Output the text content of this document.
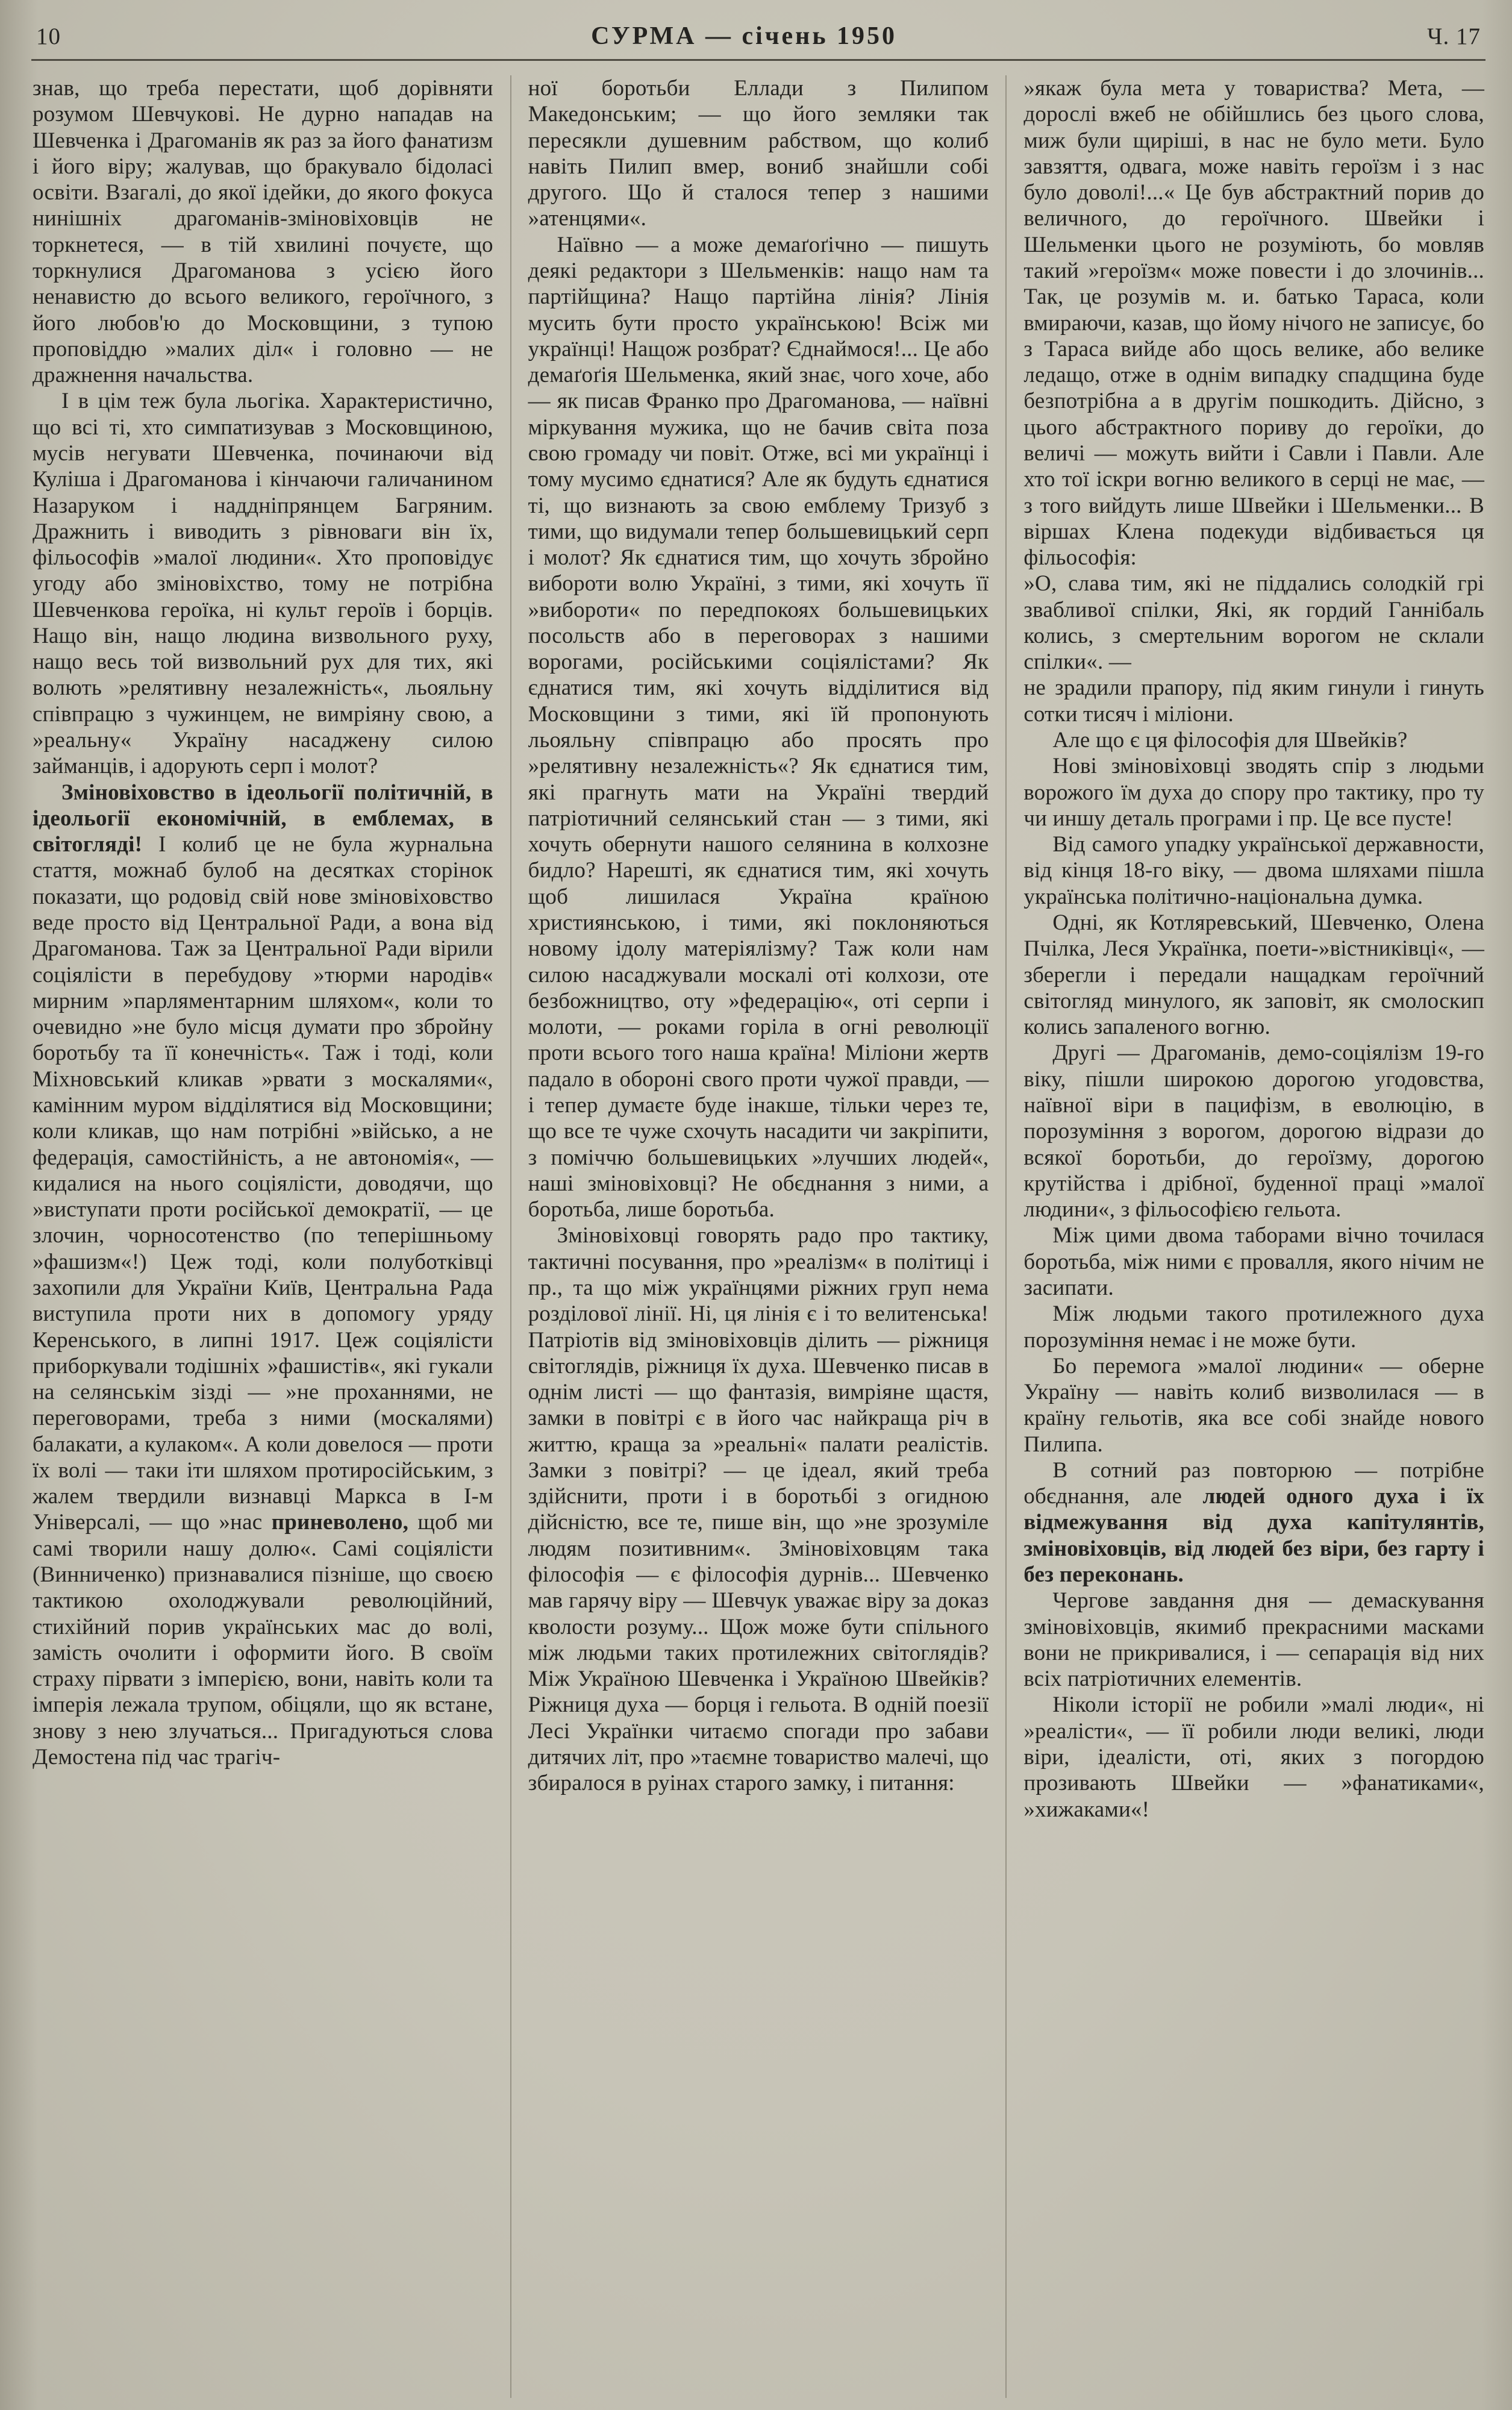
10	СУРМА — січень 1950	Ч. 17

знав, що треба перестати, щоб дорівняти розумом Шевчукові. Не дурно нападав на Шевченка і Драгоманів як раз за його фанатизм і його віру; жалував, що бракувало бідоласі освіти. Взагалі, до якої ідейки, до якого фокуса нинішніх драгоманів-зміновіховців не торкнетеся, — в тій хвилині почуєте, що торкнулися Драгоманова з усією його ненавистю до всього великого, героїчного, з його любов'ю до Московщини, з тупою проповіддю »малих діл« і головно — не дражнення начальства.

І в цім теж була льогіка. Характеристично, що всі ті, хто симпатизував з Московщиною, мусів негувати Шевченка, починаючи від Куліша і Драгоманова і кінчаючи галичанином Назаруком і наддніпрянцем Багряним. Дражнить і виводить з рівноваги він їх, фільософів »малої людини«. Хто проповідує угоду або зміновіхство, тому не потрібна Шевченкова героїка, ні культ героїв і борців. Нащо він, нащо людина визвольного руху, нащо весь той визвольний рух для тих, які волють »релятивну незалежність«, льояльну співпрацю з чужинцем, не вимріяну свою, а »реальну« Україну насаджену силою займанців, і адорують серп і молот?

Зміновіховство в ідеольогії політичній, в ідеольогії економічній, в емблемах, в світогляді! І колиб це не була журнальна стаття, можнаб булоб на десятках сторінок показати, що родовід свій нове зміновіховство веде просто від Центральної Ради, а вона від Драгоманова. Таж за Центральної Ради вірили соціялісти в перебудову »тюрми народів« мирним »парляментарним шляхом«, коли то очевидно »не було місця думати про збройну боротьбу та її конечність«. Таж і тоді, коли Міхновський кликав »рвати з москалями«, камінним муром відділятися від Московщини; коли кликав, що нам потрібні »військо, а не федерація, самостійність, а не автономія«, — кидалися на нього соціялісти, доводячи, що »виступати проти російської демократії, — це злочин, чорносотенство (по теперішньому »фашизм«!) Цеж тоді, коли полуботківці захопили для України Київ, Центральна Рада виступила проти них в допомогу уряду Керенського, в липні 1917. Цеж соціялісти приборкували тодішніх »фашистів«, які гукали на селянськім зізді — »не проханнями, не переговорами, треба з ними (москалями) балакати, а кулаком«. А коли довелося — проти їх волі — таки іти шляхом протиросійським, з жалем твердили визнавці Маркса в І-м Універсалі, — що »нас приневолено, щоб ми самі творили нашу долю«. Самі соціялісти (Винниченко) признавалися пізніше, що своєю тактикою охолоджували революційний, стихійний порив українських мас до волі, замість очолити і оформити його. В своїм страху пірвати з імперією, вони, навіть коли та імперія лежала трупом, обіцяли, що як встане, знову з нею злучаться... Пригадуються слова Демостена під час трагіч-

ної боротьби Еллади з Пилипом Македонським; — що його земляки так пересякли душевним рабством, що колиб навіть Пилип вмер, вониб знайшли собі другого. Що й сталося тепер з нашими »атенцями«.

Наївно — а може демаґоґічно — пишуть деякі редактори з Шельменків: нащо нам та партійщина? Нащо партійна лінія? Лінія мусить бути просто українською! Всіж ми українці! Нащож розбрат? Єднаймося!... Це або демаґоґія Шельменка, який знає, чого хоче, або — як писав Франко про Драгоманова, — наївні міркування мужика, що не бачив світа поза свою громаду чи повіт. Отже, всі ми українці і тому мусимо єднатися? Але як будуть єднатися ті, що визнають за свою емблему Тризуб з тими, що видумали тепер большевицький серп і молот? Як єднатися тим, що хочуть збройно вибороти волю Україні, з тими, які хочуть її »вибороти« по передпокоях большевицьких посольств або в переговорах з нашими ворогами, російськими соціялістами? Як єднатися тим, які хочуть відділитися від Московщини з тими, які їй пропонують льояльну співпрацю або просять про »релятивну незалежність«? Як єднатися тим, які прагнуть мати на Україні твердий патріотичний селянський стан — з тими, які хочуть обернути нашого селянина в колхозне бидло? Нарешті, як єднатися тим, які хочуть щоб лишилася Україна країною християнською, і тими, які поклоняються новому ідолу матеріялізму? Таж коли нам силою насаджували москалі оті колхози, оте безбожництво, оту »федерацію«, оті серпи і молоти, — роками горіла в огні революції проти всього того наша країна! Міліони жертв падало в обороні свого проти чужої правди, — і тепер думаєте буде інакше, тільки через те, що все те чуже схочуть насадити чи закріпити, з поміччю большевицьких »лучших людей«, наші зміновіховці? Не обєднання з ними, а боротьба, лише боротьба.

Зміновіховці говорять радо про тактику, тактичні посування, про »реалізм« в політиці і пр., та що між українцями ріжних груп нема розділової лінії. Ні, ця лінія є і то велитенська! Патріотів від зміновіховців ділить — ріжниця світоглядів, ріжниця їх духа. Шевченко писав в однім листі — що фантазія, вимріяне щастя, замки в повітрі є в його час найкраща річ в життю, краща за »реальні« палати реалістів. Замки з повітрі? — це ідеал, який треба здійснити, проти і в боротьбі з огидною дійсністю, все те, пише він, що »не зрозуміле людям позитивним«. Зміновіховцям така філософія — є філософія дурнів... Шевченко мав гарячу віру — Шевчук уважає віру за доказ кволости розуму... Щож може бути спільного між людьми таких протилежних світоглядів? Між Україною Шевченка і Україною Швейків? Ріжниця духа — борця і гельота. В одній поезії Лесі Українки читаємо спогади про забави дитячих літ, про »таємне товариство малечі, що збиралося в руінах старого замку, і питання:

»якаж була мета у товариства? Мета, — дорослі вжеб не обійшлись без цього слова, миж були щиріші, в нас не було мети. Було завзяття, одвага, може навіть героїзм і з нас було доволі!...« Це був абстрактний порив до величного, до героїчного. Швейки і Шельменки цього не розуміють, бо мовляв такий »героїзм« може повести і до злочинів... Так, це розумів м. и. батько Тараса, коли вмираючи, казав, що йому нічого не записує, бо з Тараса вийде або щось велике, або велике ледащо, отже в однім випадку спадщина буде безпотрібна а в другім пошкодить. Дійсно, з цього абстрактного пориву до героїки, до величі — можуть вийти і Савли і Павли. Але хто тої іскри вогню великого в серці не має, — з того вийдуть лише Швейки і Шельменки... В віршах Клена подекуди відбивається ця фільософія:

»О, слава тим, які не піддались солодкій грі звабливої спілки, Які, як гордий Ганнібаль колись, з смертельним ворогом не склали спілки«. —

не зрадили прапору, під яким гинули і гинуть сотки тисяч і міліони.

Але що є ця філософія для Швейків?

Нові зміновіховці зводять спір з людьми ворожого їм духа до спору про тактику, про ту чи иншу деталь програми і пр. Це все пусте!

Від самого упадку української державности, від кінця 18-го віку, — двома шляхами пішла українська політично-національна думка.

Одні, як Котляревський, Шевченко, Олена Пчілка, Леся Українка, поети-»вістниківці«, — зберегли і передали нащадкам героїчний світогляд минулого, як заповіт, як смолоскип колись запаленого вогню.

Другі — Драгоманів, демо-соціялізм 19-го віку, пішли широкою дорогою угодовства, наївної віри в пацифізм, в еволюцію, в порозуміння з ворогом, дорогою відрази до всякої боротьби, до героїзму, дорогою крутійства і дрібної, буденної праці »малої людини«, з фільософією гельота.

Між цими двома таборами вічно точилася боротьба, між ними є провалля, якого нічим не засипати.

Між людьми такого протилежного духа порозуміння немає і не може бути.

Бо перемога »малої людини« — оберне Україну — навіть колиб визволилася — в країну гельотів, яка все собі знайде нового Пилипа.

В сотний раз повторюю — потрібне обєднання, але людей одного духа і їх відмежування від духа капітулянтів, зміновіховців, від людей без віри, без гарту і без переконань.

Чергове завдання дня — демаскування зміновіховців, якимиб прекрасними масками вони не прикривалися, і — сепарація від них всіх патріотичних елементів.

Ніколи історії не робили »малі люди«, ні »реалісти«, — її робили люди великі, люди віри, ідеалісти, оті, яких з погордою прозивають Швейки — »фанатиками«, »хижаками«!
